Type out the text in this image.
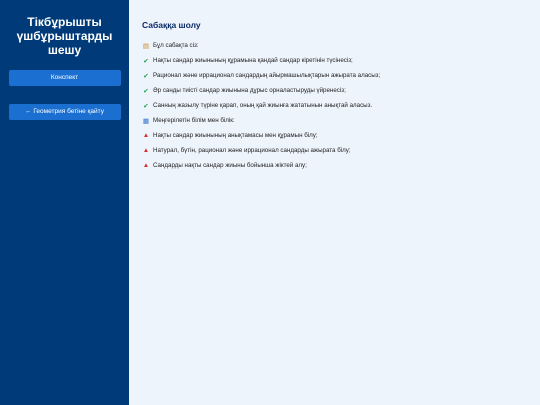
Тікбұрышты
үшбұрыштарды шешу
Конспект
← Геометрия бетіне қайту
Сабаққа шолу
▤ Бұл сабақта сіз:
✔ Нақты сандар жиынының құрамына қандай сандар кіретінін түсінесіз;
✔ Рационал және иррационал сандардың айырмашылықтарын ажырата аласыз;
✔ Әр санды тиісті сандар жиынына дұрыс орналастыруды үйренесіз;
✔ Санның жазылу түріне қарап, оның қай жиынға жататынын анықтай аласыз.
▦ Меңгерілетін білім мен білік:
▲ Нақты сандар жиынының анықтамасы мен құрамын білу;
▲ Натурал, бүтін, рационал және иррационал сандарды ажырата білу;
▲ Сандарды нақты сандар жиыны бойынша жіктей алу;
